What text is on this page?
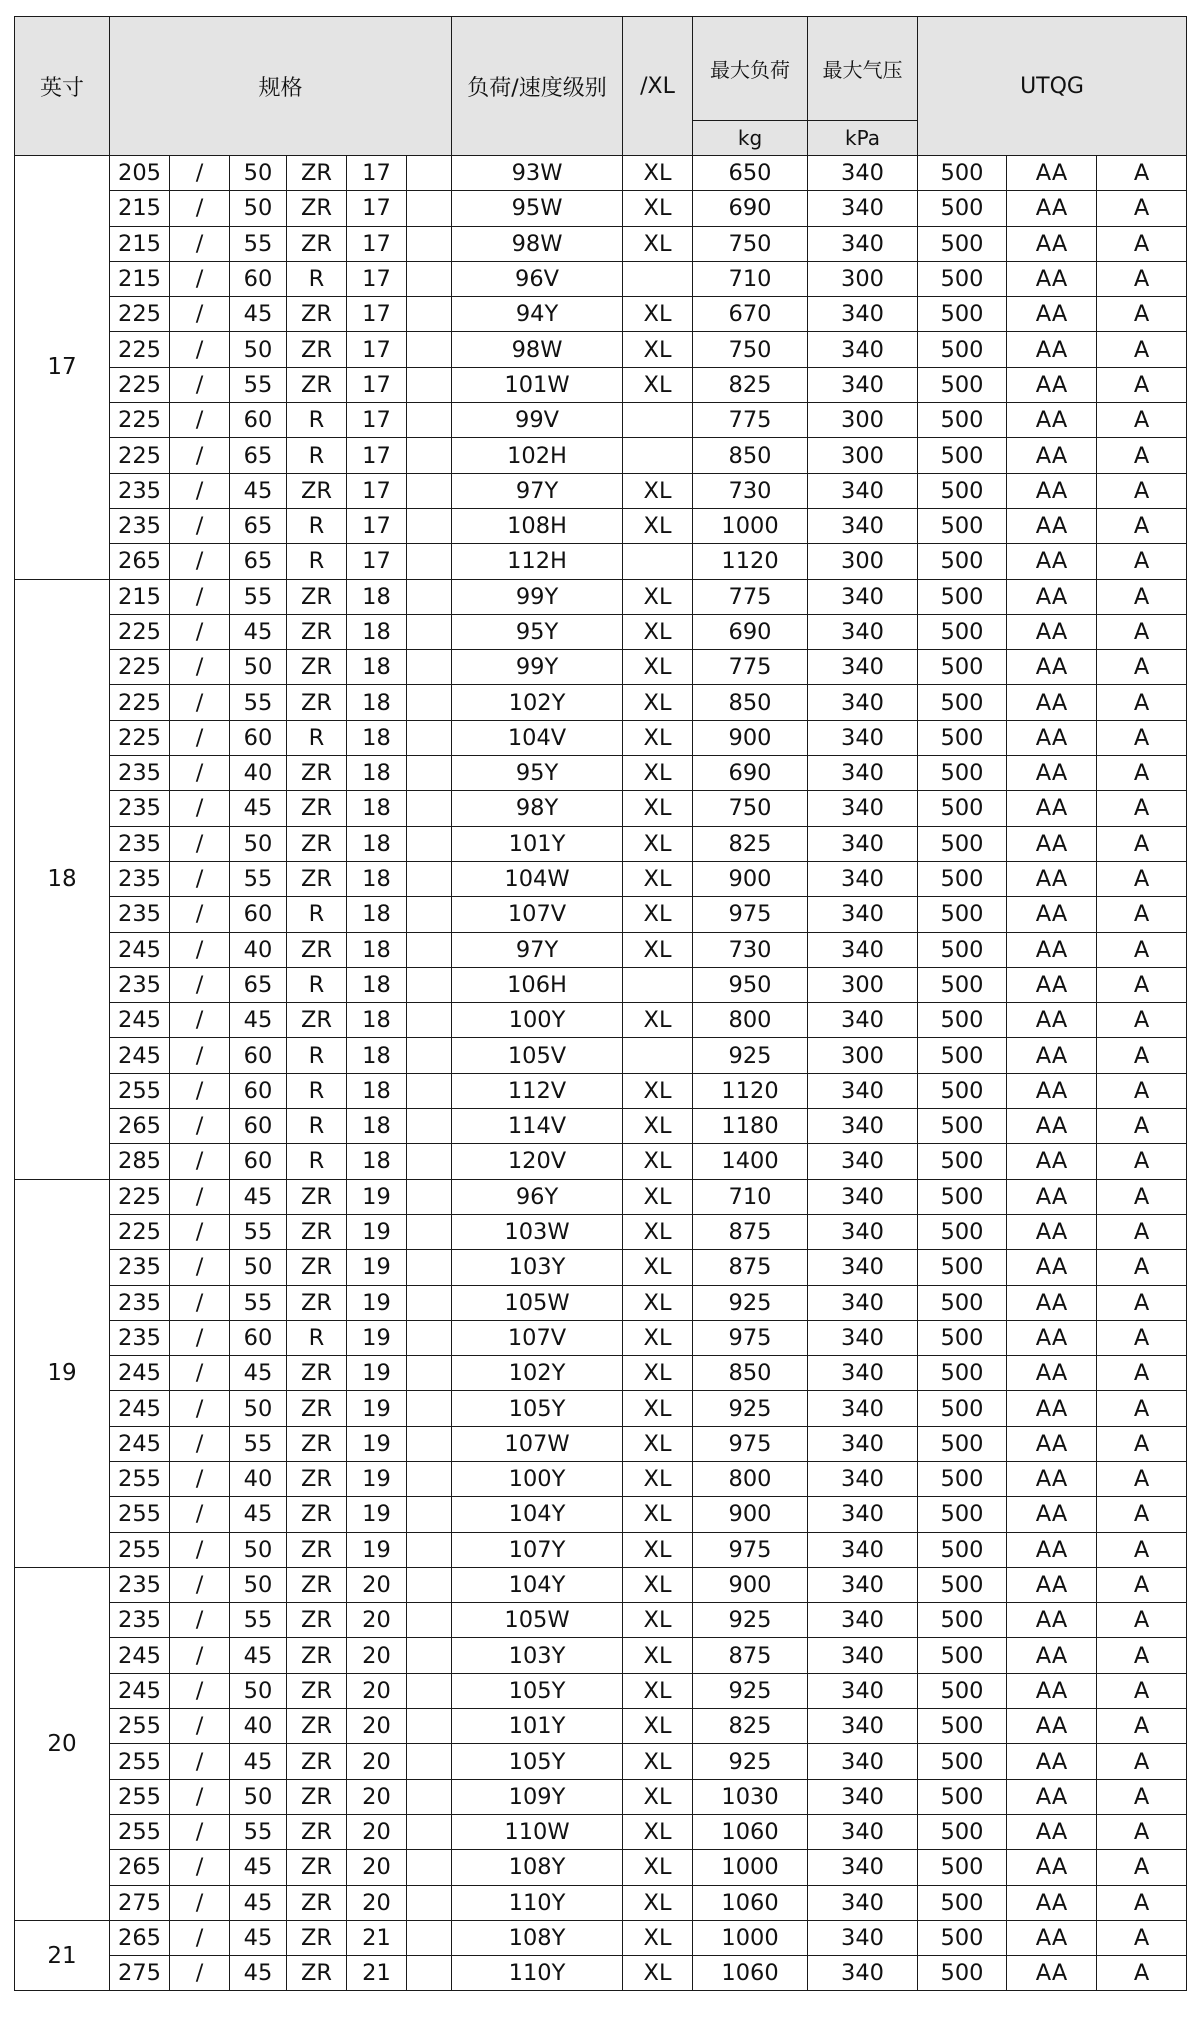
英寸	规格						负荷/速度级别	/XL	最大负荷	最大气压	UTQG		
									kg	kPa			
17	205	/	50	ZR	17		93W	XL	650	340	500	AA	A
	215	/	50	ZR	17		95W	XL	690	340	500	AA	A
	215	/	55	ZR	17		98W	XL	750	340	500	AA	A
	215	/	60	R	17		96V		710	300	500	AA	A
	225	/	45	ZR	17		94Y	XL	670	340	500	AA	A
	225	/	50	ZR	17		98W	XL	750	340	500	AA	A
	225	/	55	ZR	17		101W	XL	825	340	500	AA	A
	225	/	60	R	17		99V		775	300	500	AA	A
	225	/	65	R	17		102H		850	300	500	AA	A
	235	/	45	ZR	17		97Y	XL	730	340	500	AA	A
	235	/	65	R	17		108H	XL	1000	340	500	AA	A
	265	/	65	R	17		112H		1120	300	500	AA	A
18	215	/	55	ZR	18		99Y	XL	775	340	500	AA	A
	225	/	45	ZR	18		95Y	XL	690	340	500	AA	A
	225	/	50	ZR	18		99Y	XL	775	340	500	AA	A
	225	/	55	ZR	18		102Y	XL	850	340	500	AA	A
	225	/	60	R	18		104V	XL	900	340	500	AA	A
	235	/	40	ZR	18		95Y	XL	690	340	500	AA	A
	235	/	45	ZR	18		98Y	XL	750	340	500	AA	A
	235	/	50	ZR	18		101Y	XL	825	340	500	AA	A
	235	/	55	ZR	18		104W	XL	900	340	500	AA	A
	235	/	60	R	18		107V	XL	975	340	500	AA	A
	245	/	40	ZR	18		97Y	XL	730	340	500	AA	A
	235	/	65	R	18		106H		950	300	500	AA	A
	245	/	45	ZR	18		100Y	XL	800	340	500	AA	A
	245	/	60	R	18		105V		925	300	500	AA	A
	255	/	60	R	18		112V	XL	1120	340	500	AA	A
	265	/	60	R	18		114V	XL	1180	340	500	AA	A
	285	/	60	R	18		120V	XL	1400	340	500	AA	A
19	225	/	45	ZR	19		96Y	XL	710	340	500	AA	A
	225	/	55	ZR	19		103W	XL	875	340	500	AA	A
	235	/	50	ZR	19		103Y	XL	875	340	500	AA	A
	235	/	55	ZR	19		105W	XL	925	340	500	AA	A
	235	/	60	R	19		107V	XL	975	340	500	AA	A
	245	/	45	ZR	19		102Y	XL	850	340	500	AA	A
	245	/	50	ZR	19		105Y	XL	925	340	500	AA	A
	245	/	55	ZR	19		107W	XL	975	340	500	AA	A
	255	/	40	ZR	19		100Y	XL	800	340	500	AA	A
	255	/	45	ZR	19		104Y	XL	900	340	500	AA	A
	255	/	50	ZR	19		107Y	XL	975	340	500	AA	A
20	235	/	50	ZR	20		104Y	XL	900	340	500	AA	A
	235	/	55	ZR	20		105W	XL	925	340	500	AA	A
	245	/	45	ZR	20		103Y	XL	875	340	500	AA	A
	245	/	50	ZR	20		105Y	XL	925	340	500	AA	A
	255	/	40	ZR	20		101Y	XL	825	340	500	AA	A
	255	/	45	ZR	20		105Y	XL	925	340	500	AA	A
	255	/	50	ZR	20		109Y	XL	1030	340	500	AA	A
	255	/	55	ZR	20		110W	XL	1060	340	500	AA	A
	265	/	45	ZR	20		108Y	XL	1000	340	500	AA	A
	275	/	45	ZR	20		110Y	XL	1060	340	500	AA	A
21	265	/	45	ZR	21		108Y	XL	1000	340	500	AA	A
	275	/	45	ZR	21		110Y	XL	1060	340	500	AA	A
